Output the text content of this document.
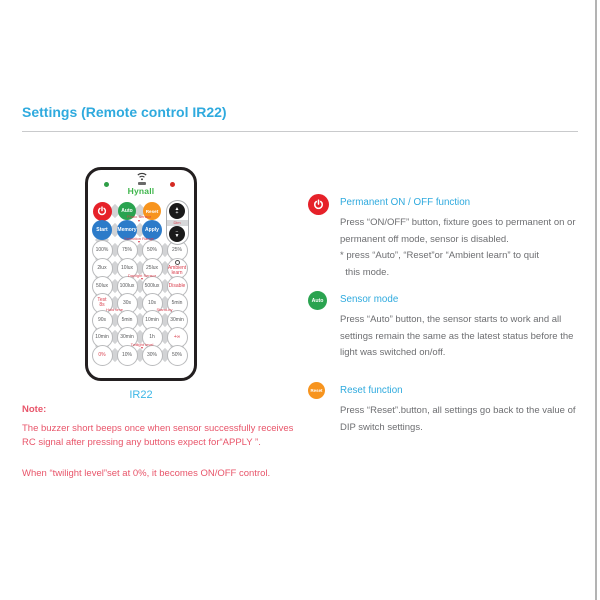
Settings (Remote control IR22)
Hynall
Auto	Reset	▲
+
Dim
−
▼
Photo Sensor
▼
Detection Range
▼
Daylight Sensor
▼
Hold time	Stand-by
Twilight level
▼
Start Memory Apply
100%	75%	50%	25%
2lux	10lux	25lux Ambient
learn
50lux 100lux 500lux Disable
Test
8s	30s	10s	5min
90s	5min	10min 30min
10min 30min	1h	+∞
0%	10%	30%	50%
IR22
Permanent ON / OFF function
Press “ON/OFF” button, fixture goes to permanent on or
permanent off mode, sensor is disabled.
* press “Auto”, “Reset”or “Ambient learn” to quit
this mode.
Auto Sensor mode
Press “Auto” button, the sensor starts to work and all
settings remain the same as the latest status before the
light was switched on/off.
Reset Reset function
Press “Reset”.button, all settings go back to the value of
DIP switch settings.
Note:
The buzzer short beeps once when sensor successfully receives
RC signal after pressing any buttons expect for“APPLY ”.
When “twilight level”set at 0%, it becomes ON/OFF control.
